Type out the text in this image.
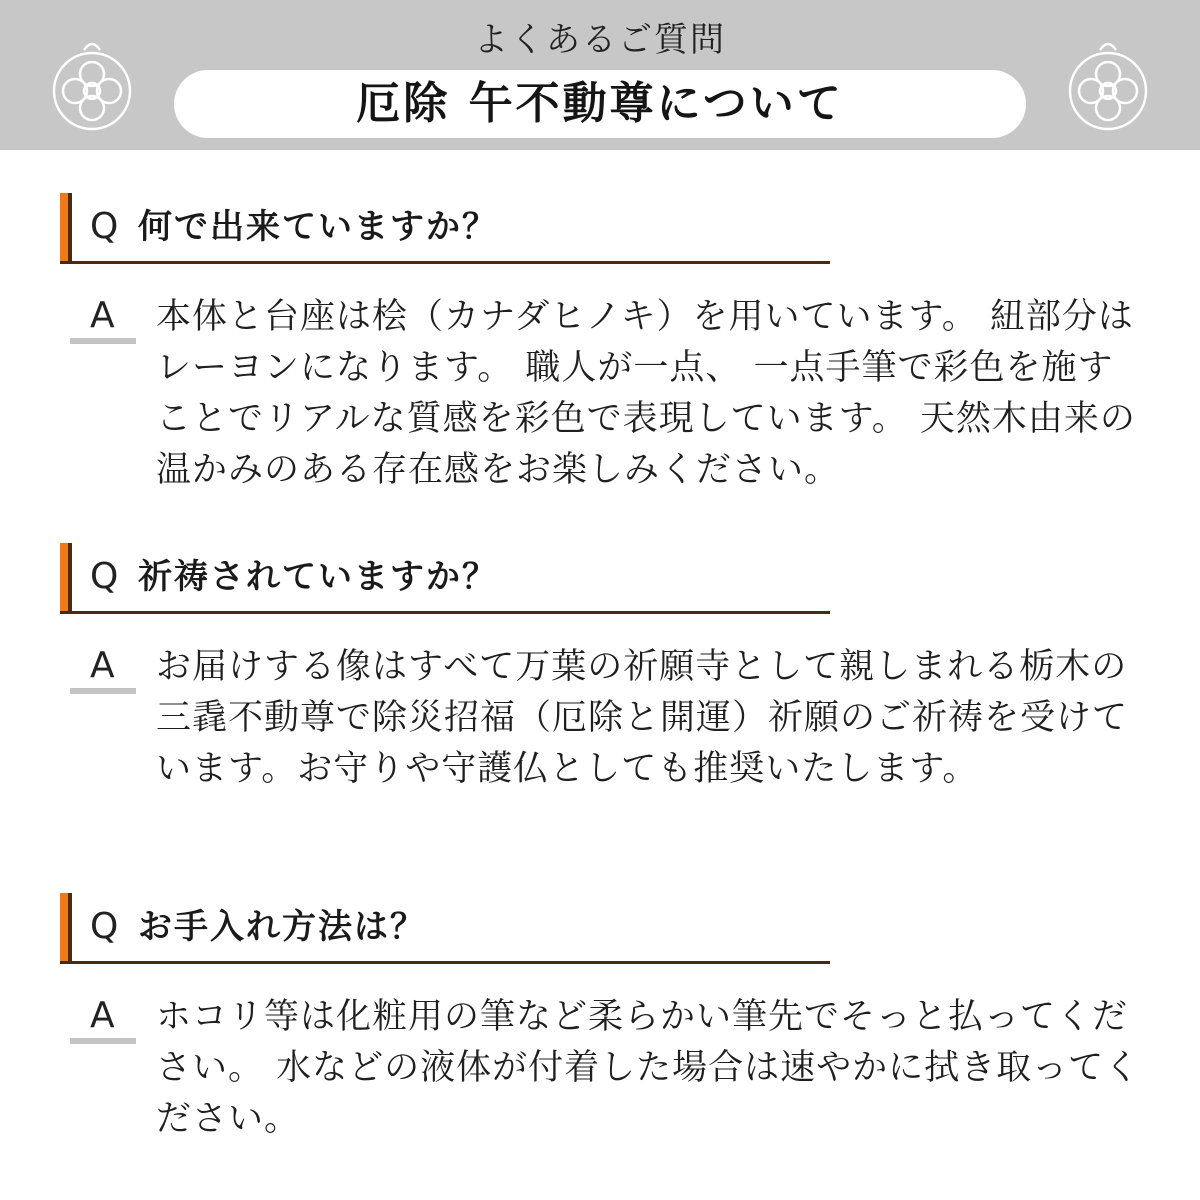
よくあるご質問
厄除 午不動尊について
Q 何で出来ていますか？
A 本体と台座は桧（カナダヒノキ）を用いています。 紐部分はレーヨンになります。 職人が一点、 一点手筆で彩色を施すことでリアルな質感を彩色で表現しています。 天然木由来の温かみのある存在感をお楽しみください。

Q 祈祷されていますか？
A お届けする像はすべて万葉の祈願寺として親しまれる栃木の三毳不動尊で除災招福（厄除と開運）祈願のご祈祷を受けています。お守りや守護仏としても推奨いたします。

Q お手入れ方法は？
A ホコリ等は化粧用の筆など柔らかい筆先でそっと払ってください。 水などの液体が付着した場合は速やかに拭き取ってください。
